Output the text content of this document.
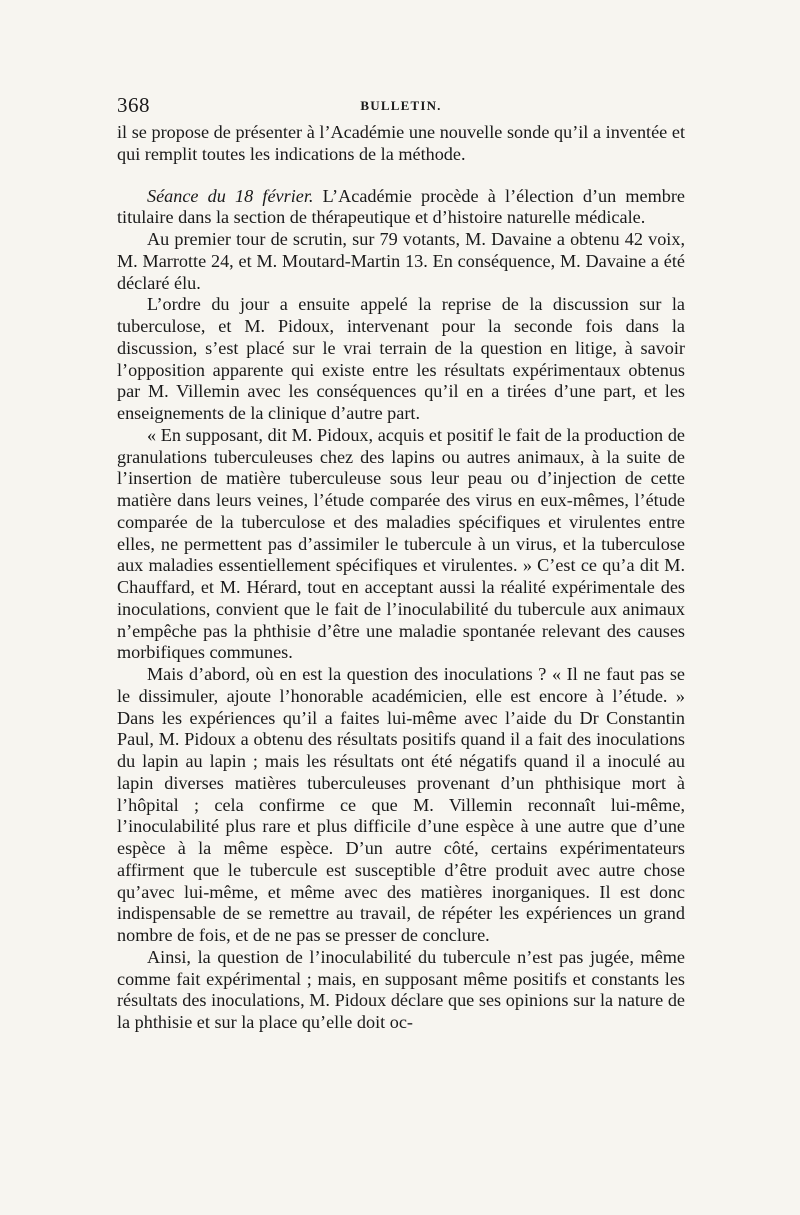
368	BULLETIN.

il se propose de présenter à l’Académie une nouvelle sonde qu’il a inventée et qui remplit toutes les indications de la méthode.

Séance du 18 février. L’Académie procède à l’élection d’un membre titulaire dans la section de thérapeutique et d’histoire naturelle médicale.

Au premier tour de scrutin, sur 79 votants, M. Davaine a obtenu 42 voix, M. Marrotte 24, et M. Moutard-Martin 13. En conséquence, M. Davaine a été déclaré élu.

L’ordre du jour a ensuite appelé la reprise de la discussion sur la tuberculose, et M. Pidoux, intervenant pour la seconde fois dans la discussion, s’est placé sur le vrai terrain de la question en litige, à savoir l’opposition apparente qui existe entre les résultats expérimentaux obtenus par M. Villemin avec les conséquences qu’il en a tirées d’une part, et les enseignements de la clinique d’autre part.

« En supposant, dit M. Pidoux, acquis et positif le fait de la production de granulations tuberculeuses chez des lapins ou autres animaux, à la suite de l’insertion de matière tuberculeuse sous leur peau ou d’injection de cette matière dans leurs veines, l’étude comparée des virus en eux-mêmes, l’étude comparée de la tuberculose et des maladies spécifiques et virulentes entre elles, ne permettent pas d’assimiler le tubercule à un virus, et la tuberculose aux maladies essentiellement spécifiques et virulentes. » C’est ce qu’a dit M. Chauffard, et M. Hérard, tout en acceptant aussi la réalité expérimentale des inoculations, convient que le fait de l’inoculabilité du tubercule aux animaux n’empêche pas la phthisie d’être une maladie spontanée relevant des causes morbifiques communes.

Mais d’abord, où en est la question des inoculations ? « Il ne faut pas se le dissimuler, ajoute l’honorable académicien, elle est encore à l’étude. » Dans les expériences qu’il a faites lui-même avec l’aide du Dr Constantin Paul, M. Pidoux a obtenu des résultats positifs quand il a fait des inoculations du lapin au lapin ; mais les résultats ont été négatifs quand il a inoculé au lapin diverses matières tuberculeuses provenant d’un phthisique mort à l’hôpital ; cela confirme ce que M. Villemin reconnaît lui-même, l’inoculabilité plus rare et plus difficile d’une espèce à une autre que d’une espèce à la même espèce. D’un autre côté, certains expérimentateurs affirment que le tubercule est susceptible d’être produit avec autre chose qu’avec lui-même, et même avec des matières inorganiques. Il est donc indispensable de se remettre au travail, de répéter les expériences un grand nombre de fois, et de ne pas se presser de conclure.

Ainsi, la question de l’inoculabilité du tubercule n’est pas jugée, même comme fait expérimental ; mais, en supposant même positifs et constants les résultats des inoculations, M. Pidoux déclare que ses opinions sur la nature de la phthisie et sur la place qu’elle doit oc-
